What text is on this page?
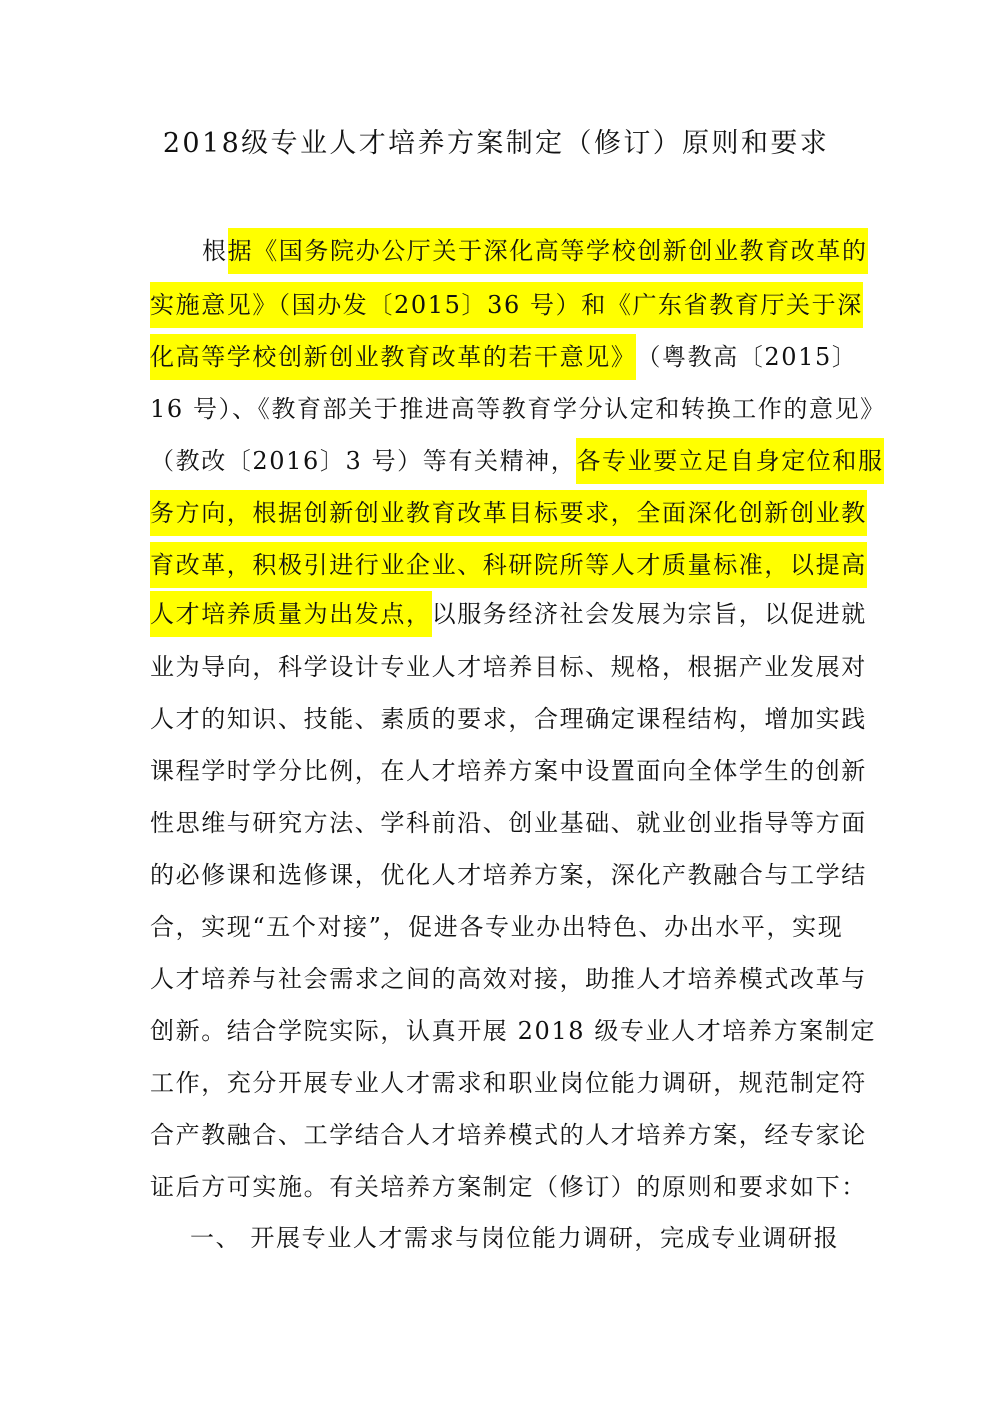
2018级专业人才培养方案制定（修订）原则和要求
根据《国务院办公厅关于深化高等学校创新创业教育改革的
实施意见》（国办发〔2015〕36 号）和《广东省教育厅关于深
化高等学校创新创业教育改革的若干意见》（粤教高〔2015〕
16 号）、《教育部关于推进高等教育学分认定和转换工作的意见》
（教改〔2016〕3 号）等有关精神，各专业要立足自身定位和服
务方向，根据创新创业教育改革目标要求，全面深化创新创业教
育改革，积极引进行业企业、科研院所等人才质量标准，以提高
人才培养质量为出发点，以服务经济社会发展为宗旨，以促进就
业为导向，科学设计专业人才培养目标、规格，根据产业发展对
人才的知识、技能、素质的要求，合理确定课程结构，增加实践
课程学时学分比例，在人才培养方案中设置面向全体学生的创新
性思维与研究方法、学科前沿、创业基础、就业创业指导等方面
的必修课和选修课，优化人才培养方案，深化产教融合与工学结
合，实现“五个对接”，促进各专业办出特色、办出水平，实现
人才培养与社会需求之间的高效对接，助推人才培养模式改革与
创新。结合学院实际，认真开展 2018 级专业人才培养方案制定
工作，充分开展专业人才需求和职业岗位能力调研，规范制定符
合产教融合、工学结合人才培养模式的人才培养方案，经专家论
证后方可实施。有关培养方案制定（修订）的原则和要求如下：
一、 开展专业人才需求与岗位能力调研，完成专业调研报
